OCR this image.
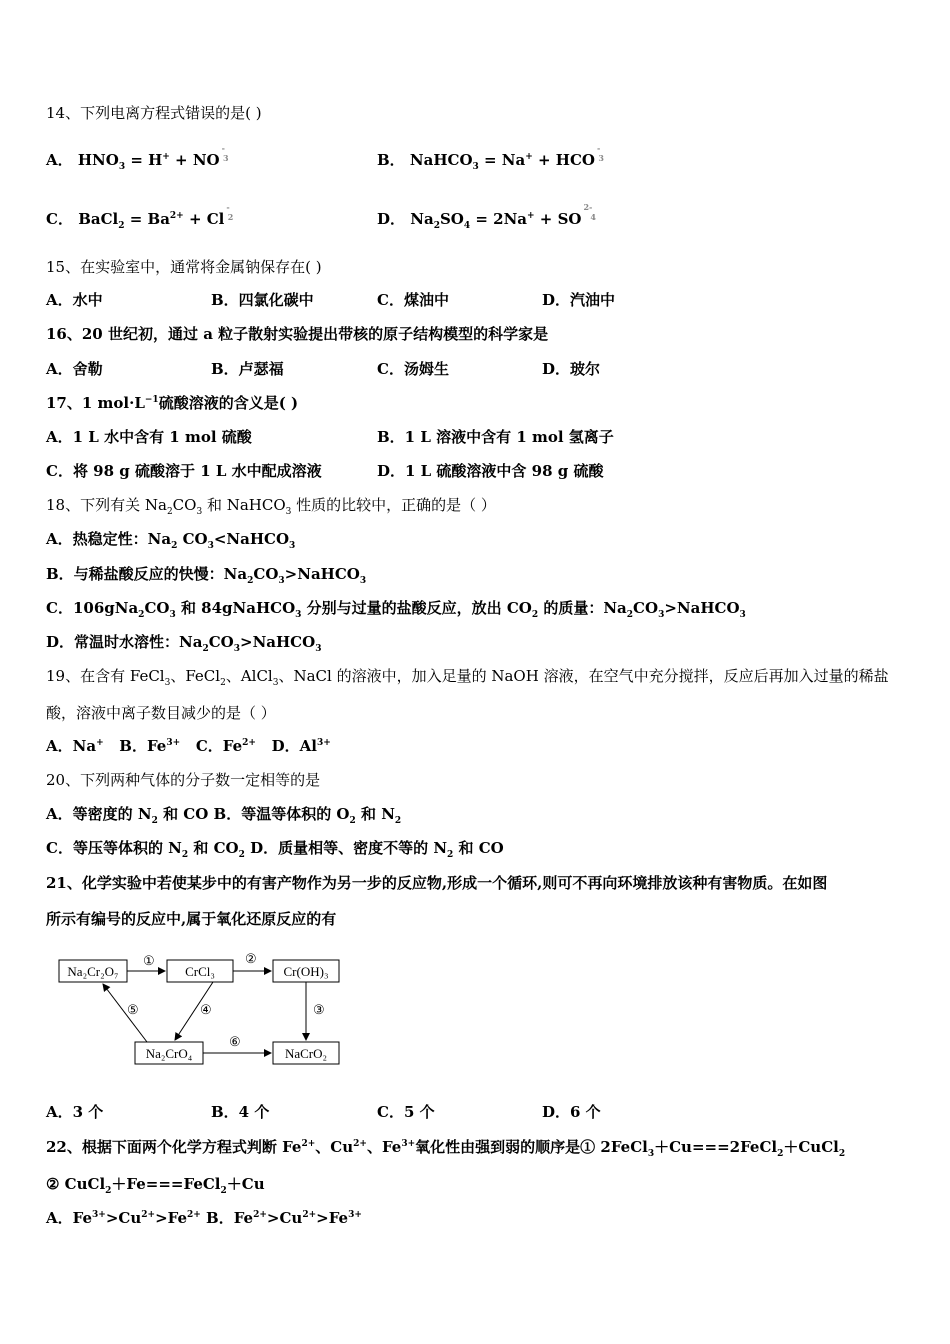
14、下列电离方程式错误的是( )
A． $HNO_3 = H^+ + NO^{-3}$	B． NaHCO$_3$ = $Na^+ + HCO^{-3}$
C． BaCl$_2$ = $Ba^{2+} + Cl^{-2}$	D． $Na_2SO_4 = 2Na^+ + SO^{2-4}$
15、在实验室中，通常将金属钠保存在( )
A．水中	B．四氯化碳中	C．煤油中	D．汽油中
16、20 世纪初，通过 a 粒子散射实验提出带核的原子结构模型的科学家是
A．舍勒	B．卢瑟福	C．汤姆生	D．玻尔
17、1 $mol\cdot L^{-1}$硫酸溶液的含义是( )
A．1 L 水中含有 1 mol 硫酸	B．1 L 溶液中含有 1 mol 氢离子
C．将 98 g 硫酸溶于 1 L 水中配成溶液	D．1 L 硫酸溶液中含 98 g 硫酸
18、下列有关 $Na_2CO_3$ 和 NaHCO$_3$ 性质的比较中，正确的是（ ）
A．热稳定性：$Na_2$ $CO_3<NaHCO_3$
B．与稀盐酸反应的快慢：$Na_2CO_3>NaHCO_3$
C．$106gNa_2CO_3$ 和 84gNaHCO$_3$ 分别与过量的盐酸反应，放出 $CO_2$ 的质量：$Na_2CO_3>NaHCO_3$
D．常温时水溶性：$Na_2CO_3>NaHCO_3$
19、在含有 FeCl$_3$、FeCl$_2$、AlCl$_3$、NaCl 的溶液中，加入足量的 NaOH 溶液，在空气中充分搅拌，反应后再加入过量的稀盐
酸，溶液中离子数目减少的是（ ）
A．Na+ B．$Fe^{3+}$ C．$Fe^{2+}$ D．$Al^{3+}$
20、下列两种气体的分子数一定相等的是
A．等密度的 $N_2$ 和 CO B．等温等体积的 $O_2$ 和 $N_2$
C．等压等体积的 $N_2$ 和 $CO_2$ D．质量相等、密度不等的 $N_2$ 和 CO
21、化学实验中若使某步中的有害产物作为另一步的反应物,形成一个循环,则可不再向环境排放该种有害物质。在如图
所示有编号的反应中,属于氧化还原反应的有
Na₂Cr₂O₇	CrCl₃	Cr(OH)₃
Na₂CrO₄	NaCrO₂
①	②
③
④
⑤
⑥
A．3 个	B．4 个	C．5 个	D．6 个
22、根据下面两个化学方程式判断 $Fe^{2+}$、$Cu^{2+}$、$Fe^{3+}$氧化性由强到弱的顺序是① 2FeCl$_3$＋Cu===2FeCl$_2$＋CuCl$_2$
② CuCl$_2$＋Fe===FeCl$_2$＋Cu
A．$Fe^{3+}>Cu^{2+}>Fe^{2+}$ B．$Fe^{2+}>Cu^{2+}>Fe^{3+}$
